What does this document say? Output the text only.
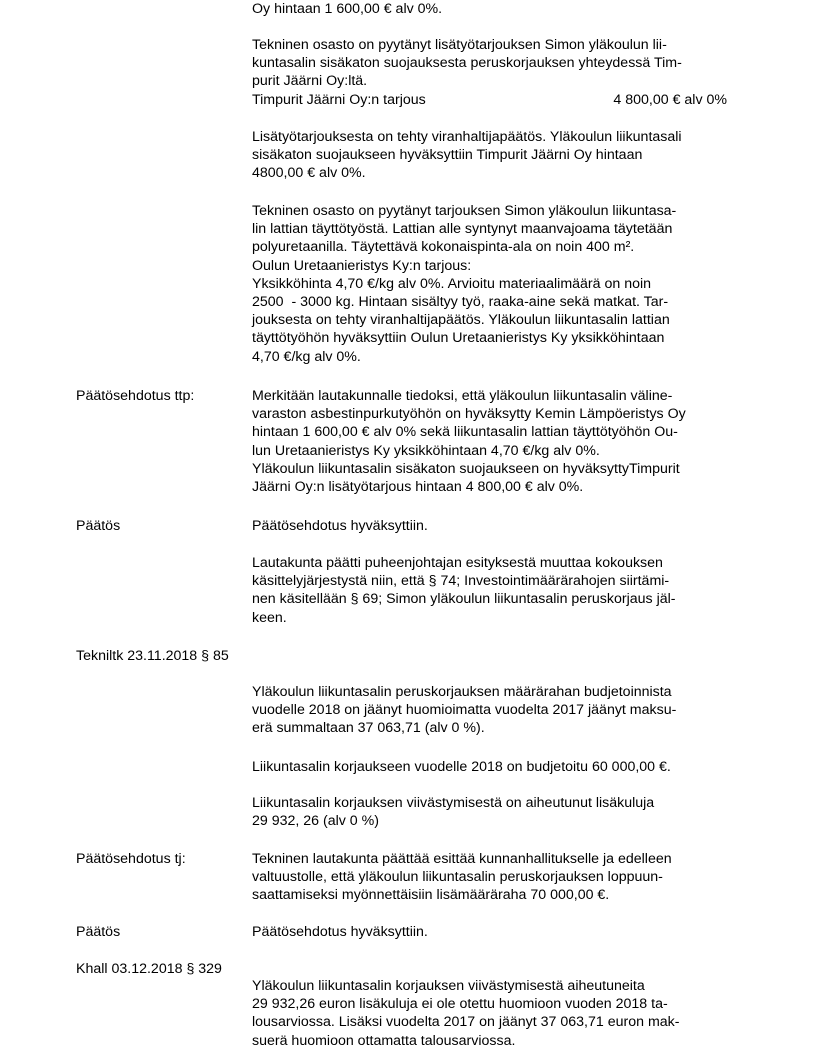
Oy hintaan 1 600,00 € alv 0%.

Tekninen osasto on pyytänyt lisätyötarjouksen Simon yläkoulun lii-
kuntasalin sisäkaton suojauksesta peruskorjauksen yhteydessä Tim-
purit Jäärni Oy:ltä.

Timpurit Jäärni Oy:n tarjous	4 800,00 € alv 0%

Lisätyötarjouksesta on tehty viranhaltijapäätös. Yläkoulun liikuntasali
sisäkaton suojaukseen hyväksyttiin Timpurit Jäärni Oy hintaan
4800,00 € alv 0%.

Tekninen osasto on pyytänyt tarjouksen Simon yläkoulun liikuntasa-
lin lattian täyttötyöstä. Lattian alle syntynyt maanvajoama täytetään
polyuretaanilla. Täytettävä kokonaispinta-ala on noin 400 m².
Oulun Uretaanieristys Ky:n tarjous:
Yksikköhinta 4,70 €/kg alv 0%. Arvioitu materiaalimäärä on noin
2500  - 3000 kg. Hintaan sisältyy työ, raaka-aine sekä matkat. Tar-
jouksesta on tehty viranhaltijapäätös. Yläkoulun liikuntasalin lattian
täyttötyöhön hyväksyttiin Oulun Uretaanieristys Ky yksikköhintaan
4,70 €/kg alv 0%.

Päätösehdotus ttp:	Merkitään lautakunnalle tiedoksi, että yläkoulun liikuntasalin väline-
varaston asbestinpurkutyöhön on hyväksytty Kemin Lämpöeristys Oy
hintaan 1 600,00 € alv 0% sekä liikuntasalin lattian täyttötyöhön Ou-
lun Uretaanieristys Ky yksikköhintaan 4,70 €/kg alv 0%.
Yläkoulun liikuntasalin sisäkaton suojaukseen on hyväksyttyTimpurit
Jäärni Oy:n lisätyötarjous hintaan 4 800,00 € alv 0%.

Päätös	Päätösehdotus hyväksyttiin.

Lautakunta päätti puheenjohtajan esityksestä muuttaa kokouksen
käsittelyjärjestystä niin, että § 74; Investointimäärärahojen siirtämi-
nen käsitellään § 69; Simon yläkoulun liikuntasalin peruskorjaus jäl-
keen.

Tekniltk 23.11.2018 § 85

Yläkoulun liikuntasalin peruskorjauksen määrärahan budjetoinnista
vuodelle 2018 on jäänyt huomioimatta vuodelta 2017 jäänyt maksu-
erä summaltaan 37 063,71 (alv 0 %).

Liikuntasalin korjaukseen vuodelle 2018 on budjetoitu 60 000,00 €.

Liikuntasalin korjauksen viivästymisestä on aiheutunut lisäkuluja
29 932, 26 (alv 0 %)

Päätösehdotus tj:	Tekninen lautakunta päättää esittää kunnanhallitukselle ja edelleen
valtuustolle, että yläkoulun liikuntasalin peruskorjauksen loppuun-
saattamiseksi myönnettäisiin lisämääräraha 70 000,00 €.

Päätös	Päätösehdotus hyväksyttiin.

Khall 03.12.2018 § 329

Yläkoulun liikuntasalin korjauksen viivästymisestä aiheutuneita
29 932,26 euron lisäkuluja ei ole otettu huomioon vuoden 2018 ta-
lousarviossa. Lisäksi vuodelta 2017 on jäänyt 37 063,71 euron mak-
suerä huomioon ottamatta talousarviossa.
